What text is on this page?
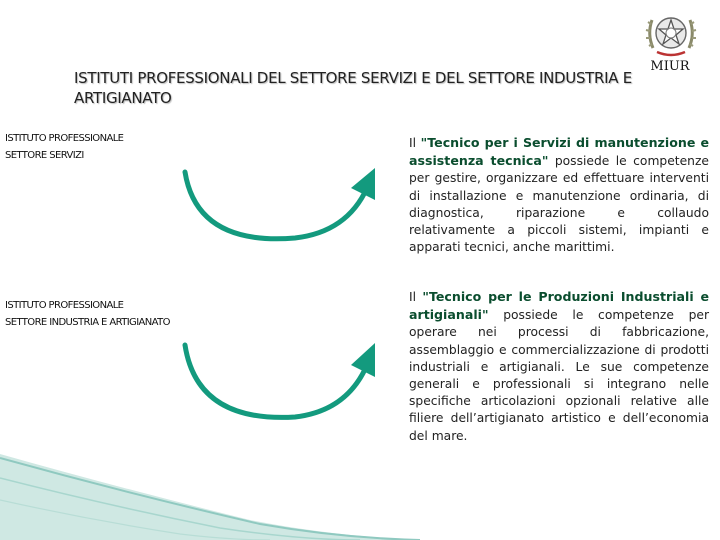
MIUR
ISTITUTI PROFESSIONALI DEL SETTORE SERVIZI E DEL SETTORE INDUSTRIA E ARTIGIANATO
ISTITUTO PROFESSIONALE
SETTORE SERVIZI
ISTITUTO PROFESSIONALE
SETTORE INDUSTRIA E ARTIGIANATO
Il "Tecnico per i Servizi di manutenzione e assistenza tecnica" possiede le competenze per gestire, organizzare ed effettuare interventi di installazione e manutenzione ordinaria, di diagnostica, riparazione e collaudo relativamente a piccoli sistemi, impianti e apparati tecnici, anche marittimi.
Il "Tecnico per le Produzioni Industriali e artigianali" possiede le competenze per operare nei processi di fabbricazione, assemblaggio e commercializzazione di prodotti industriali e artigianali. Le sue competenze generali e professionali si integrano nelle specifiche articolazioni opzionali relative alle filiere dell’artigianato artistico e dell’economia del mare.
